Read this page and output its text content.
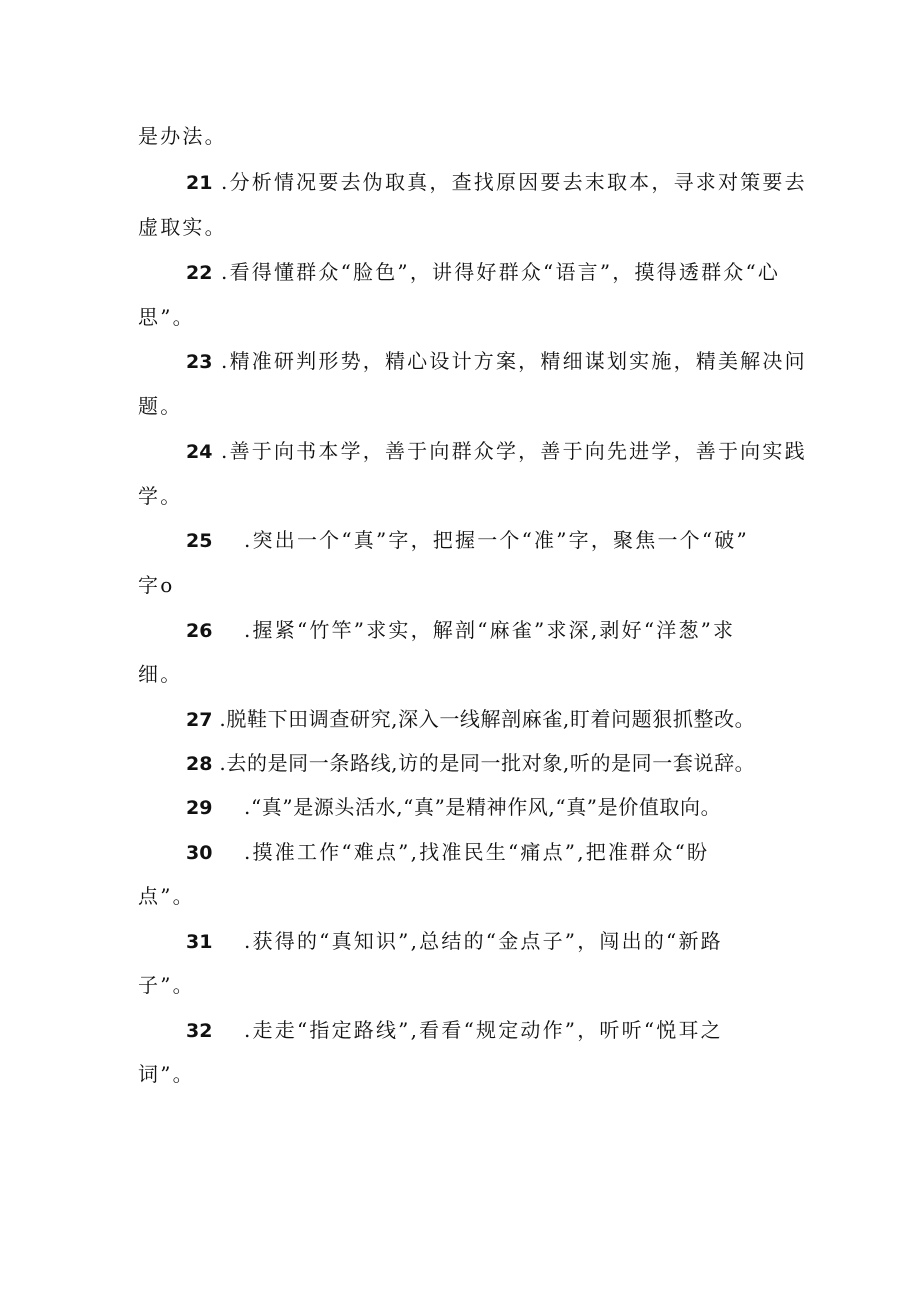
是办法。
21 .分析情况要去伪取真，查找原因要去末取本，寻求对策要去
虚取实。
22 .看得懂群众“脸色”，讲得好群众“语言”，摸得透群众“心
思”。
23 .精准研判形势，精心设计方案，精细谋划实施，精美解决问
题。
24 .善于向书本学，善于向群众学，善于向先进学，善于向实践
学。
25 .突出一个“真”字，把握一个“准”字，聚焦一个“破”
字o
26 .握紧“竹竿”求实，解剖“麻雀”求深,剥好“洋葱”求
细。
27 .脱鞋下田调查研究,深入一线解剖麻雀,盯着问题狠抓整改。
28 .去的是同一条路线,访的是同一批对象,听的是同一套说辞。
29 .“真”是源头活水,“真”是精神作风,“真”是价值取向。
30 .摸准工作“难点”,找准民生“痛点”,把准群众“盼
点”。
31 .获得的“真知识”,总结的“金点子”，闯出的“新路
子”。
32 .走走“指定路线”,看看“规定动作”，听听“悦耳之
词”。
